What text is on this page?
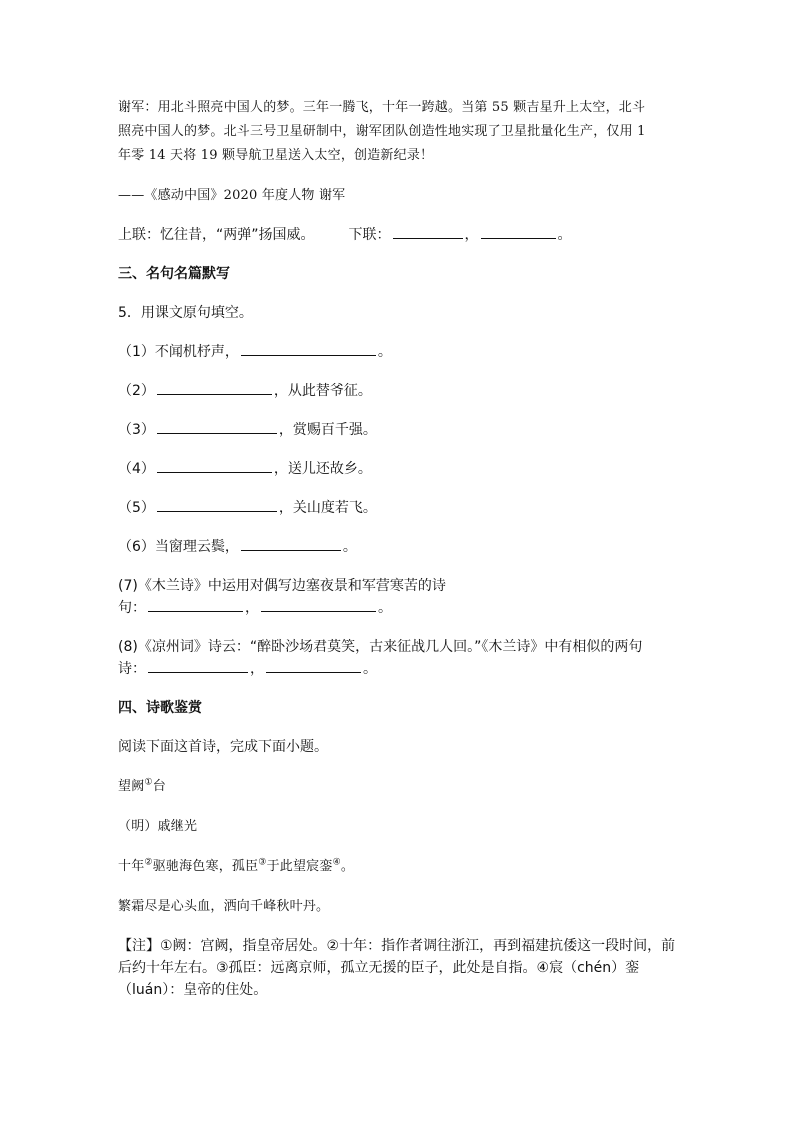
谢军：用北斗照亮中国人的梦。三年一腾飞，十年一跨越。当第 55 颗吉星升上太空，北斗

照亮中国人的梦。北斗三号卫星研制中，谢军团队创造性地实现了卫星批量化生产，仅用 1

年零 14 天将 19 颗导航卫星送入太空，创造新纪录！

——《感动中国》2020 年度人物 谢军

上联：忆往昔，“两弹”扬国威。 下联：	，	。

三、名句名篇默写

5．用课文原句填空。

（1）不闻机杼声，	。

（2）	，从此替爷征。

（3）	，赏赐百千强。

（4）	，送儿还故乡。

（5）	，关山度若飞。

（6）当窗理云鬓，	。

(7)《木兰诗》中运用对偶写边塞夜景和军营寒苦的诗

句：	，	。

(8)《凉州词》诗云：“醉卧沙场君莫笑，古来征战几人回。”《木兰诗》中有相似的两句

诗：	，	。

四、诗歌鉴赏

阅读下面这首诗，完成下面小题。

望阙①台

（明）戚继光

十年②驱驰海色寒，孤臣③于此望宸銮④。

繁霜尽是心头血，洒向千峰秋叶丹。

【注】①阙：宫阙，指皇帝居处。②十年：指作者调往浙江，再到福建抗倭这一段时间，前

后约十年左右。③孤臣：远离京师，孤立无援的臣子，此处是自指。④宸（chén）銮

（luán）：皇帝的住处。
